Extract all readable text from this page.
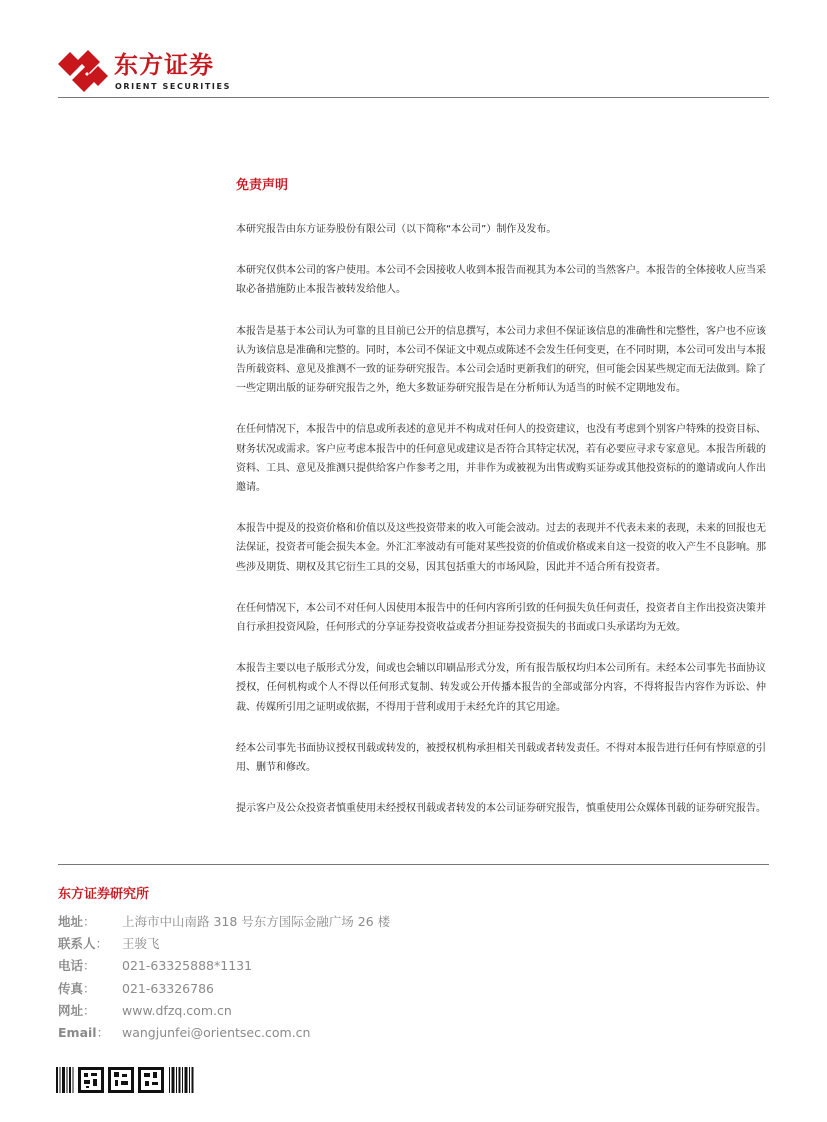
东方证券
ORIENT SECURITIES
免责声明

本研究报告由东方证券股份有限公司（以下简称“本公司”）制作及发布。

本研究仅供本公司的客户使用。本公司不会因接收人收到本报告而视其为本公司的当然客户。本报告的全体接收人应当采取必备措施防止本报告被转发给他人。

本报告是基于本公司认为可靠的且目前已公开的信息撰写，本公司力求但不保证该信息的准确性和完整性，客户也不应该认为该信息是准确和完整的。同时，本公司不保证文中观点或陈述不会发生任何变更，在不同时期，本公司可发出与本报告所载资料、意见及推测不一致的证券研究报告。本公司会适时更新我们的研究，但可能会因某些规定而无法做到。除了一些定期出版的证券研究报告之外，绝大多数证券研究报告是在分析师认为适当的时候不定期地发布。

在任何情况下，本报告中的信息或所表述的意见并不构成对任何人的投资建议，也没有考虑到个别客户特殊的投资目标、财务状况或需求。客户应考虑本报告中的任何意见或建议是否符合其特定状况，若有必要应寻求专家意见。本报告所载的资料、工具、意见及推测只提供给客户作参考之用，并非作为或被视为出售或购买证券或其他投资标的的邀请或向人作出邀请。

本报告中提及的投资价格和价值以及这些投资带来的收入可能会波动。过去的表现并不代表未来的表现，未来的回报也无法保证，投资者可能会损失本金。外汇汇率波动有可能对某些投资的价值或价格或来自这一投资的收入产生不良影响。那些涉及期货、期权及其它衍生工具的交易，因其包括重大的市场风险，因此并不适合所有投资者。

在任何情况下，本公司不对任何人因使用本报告中的任何内容所引致的任何损失负任何责任，投资者自主作出投资决策并自行承担投资风险，任何形式的分享证券投资收益或者分担证券投资损失的书面或口头承诺均为无效。

本报告主要以电子版形式分发，间或也会辅以印刷品形式分发，所有报告版权均归本公司所有。未经本公司事先书面协议授权，任何机构或个人不得以任何形式复制、转发或公开传播本报告的全部或部分内容，不得将报告内容作为诉讼、仲裁、传媒所引用之证明或依据，不得用于营利或用于未经允许的其它用途。

经本公司事先书面协议授权刊载或转发的，被授权机构承担相关刊载或者转发责任。不得对本报告进行任何有悖原意的引用、删节和修改。

提示客户及公众投资者慎重使用未经授权刊载或者转发的本公司证券研究报告，慎重使用公众媒体刊载的证券研究报告。

东方证券研究所
地址： 上海市中山南路 318 号东方国际金融广场 26 楼
联系人： 王骏飞
电话： 021-63325888*1131
传真： 021-63326786
网址： www.dfzq.com.cn
Email： wangjunfei@orientsec.com.cn
